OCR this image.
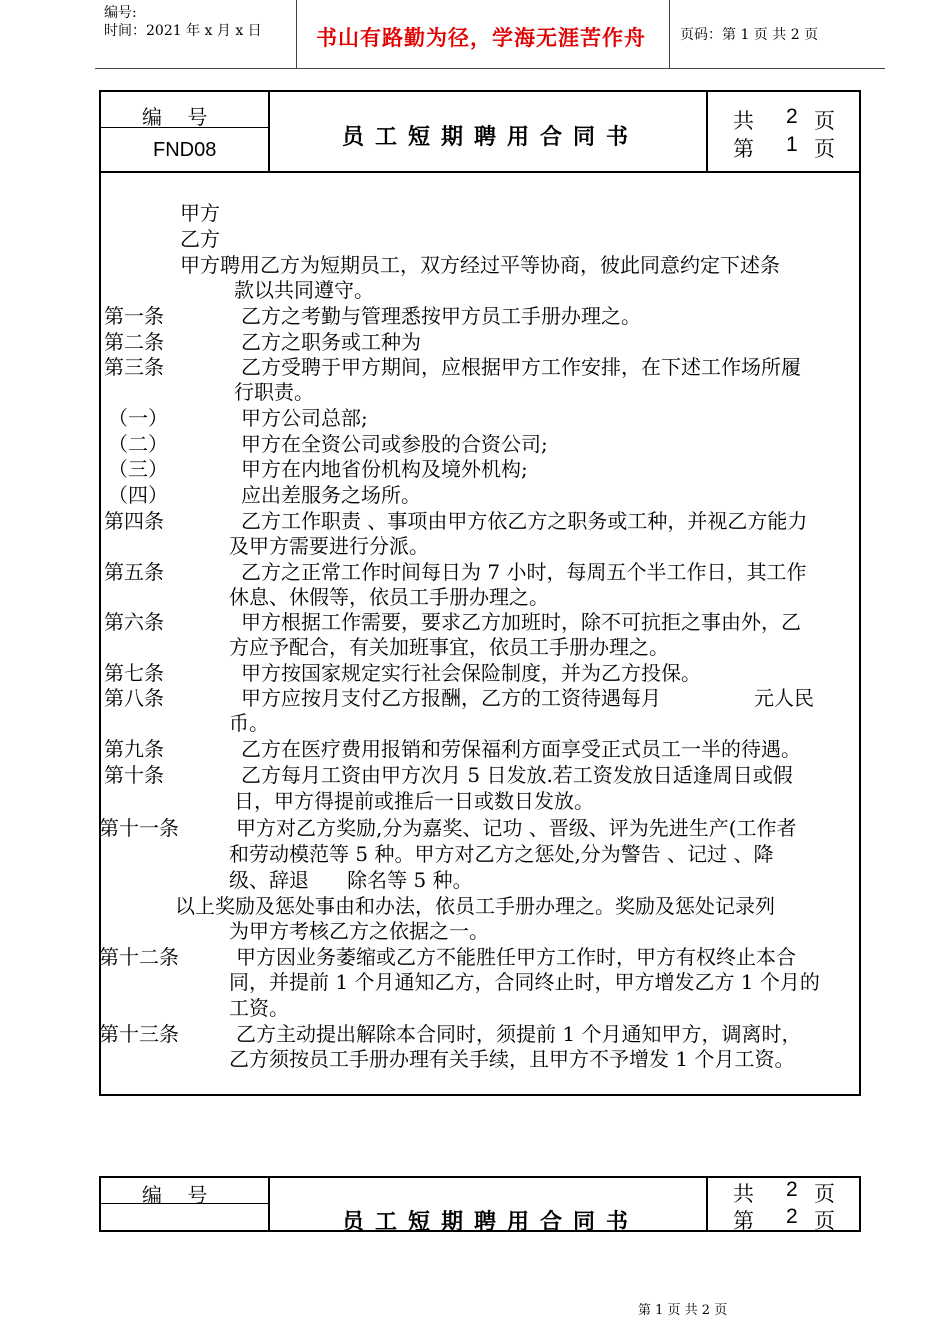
编号:
时间：2021 年 x 月 x 日	书山有路勤为径，学海无涯苦作舟 页码：第 1 页 共 2 页
编    号
FND08	员工短期聘用合同书
共 2 页
第 1 页
甲方
乙方
甲方聘用乙方为短期员工，双方经过平等协商，彼此同意约定下述条
款以共同遵守。
第一条	乙方之考勤与管理悉按甲方员工手册办理之。
第二条	乙方之职务或工种为
第三条	乙方受聘于甲方期间，应根据甲方工作安排，在下述工作场所履
行职责。
（一）	甲方公司总部;
（二）	甲方在全资公司或参股的合资公司;
（三）	甲方在内地省份机构及境外机构;
（四）	应出差服务之场所。
第四条	乙方工作职责 、事项由甲方依乙方之职务或工种，并视乙方能力
及甲方需要进行分派。
第五条	乙方之正常工作时间每日为 7 小时，每周五个半工作日，其工作
休息、休假等，依员工手册办理之。
第六条	甲方根据工作需要，要求乙方加班时，除不可抗拒之事由外，乙
方应予配合，有关加班事宜，依员工手册办理之。
第七条	甲方按国家规定实行社会保险制度，并为乙方投保。
第八条	甲方应按月支付乙方报酬，乙方的工资待遇每月	元人民
币。
第九条	乙方在医疗费用报销和劳保福利方面享受正式员工一半的待遇。
第十条	乙方每月工资由甲方次月 5 日发放.若工资发放日适逢周日或假
日，甲方得提前或推后一日或数日发放。
第十一条	甲方对乙方奖励,分为嘉奖、记功 、晋级、评为先进生产(工作者
和劳动模范等 5 种。甲方对乙方之惩处,分为警告 、记过 、降
级、辞退      除名等 5 种。
以上奖励及惩处事由和办法，依员工手册办理之。奖励及惩处记录列
为甲方考核乙方之依据之一。
第十二条	甲方因业务萎缩或乙方不能胜任甲方工作时，甲方有权终止本合
同，并提前 1 个月通知乙方，合同终止时，甲方增发乙方 1 个月的
工资。
第十三条	乙方主动提出解除本合同时，须提前 1 个月通知甲方，调离时，
乙方须按员工手册办理有关手续，且甲方不予增发 1 个月工资。
编    号
员工短期聘用合同书
共 2 页
第 2 页
第 1 页 共 2 页
